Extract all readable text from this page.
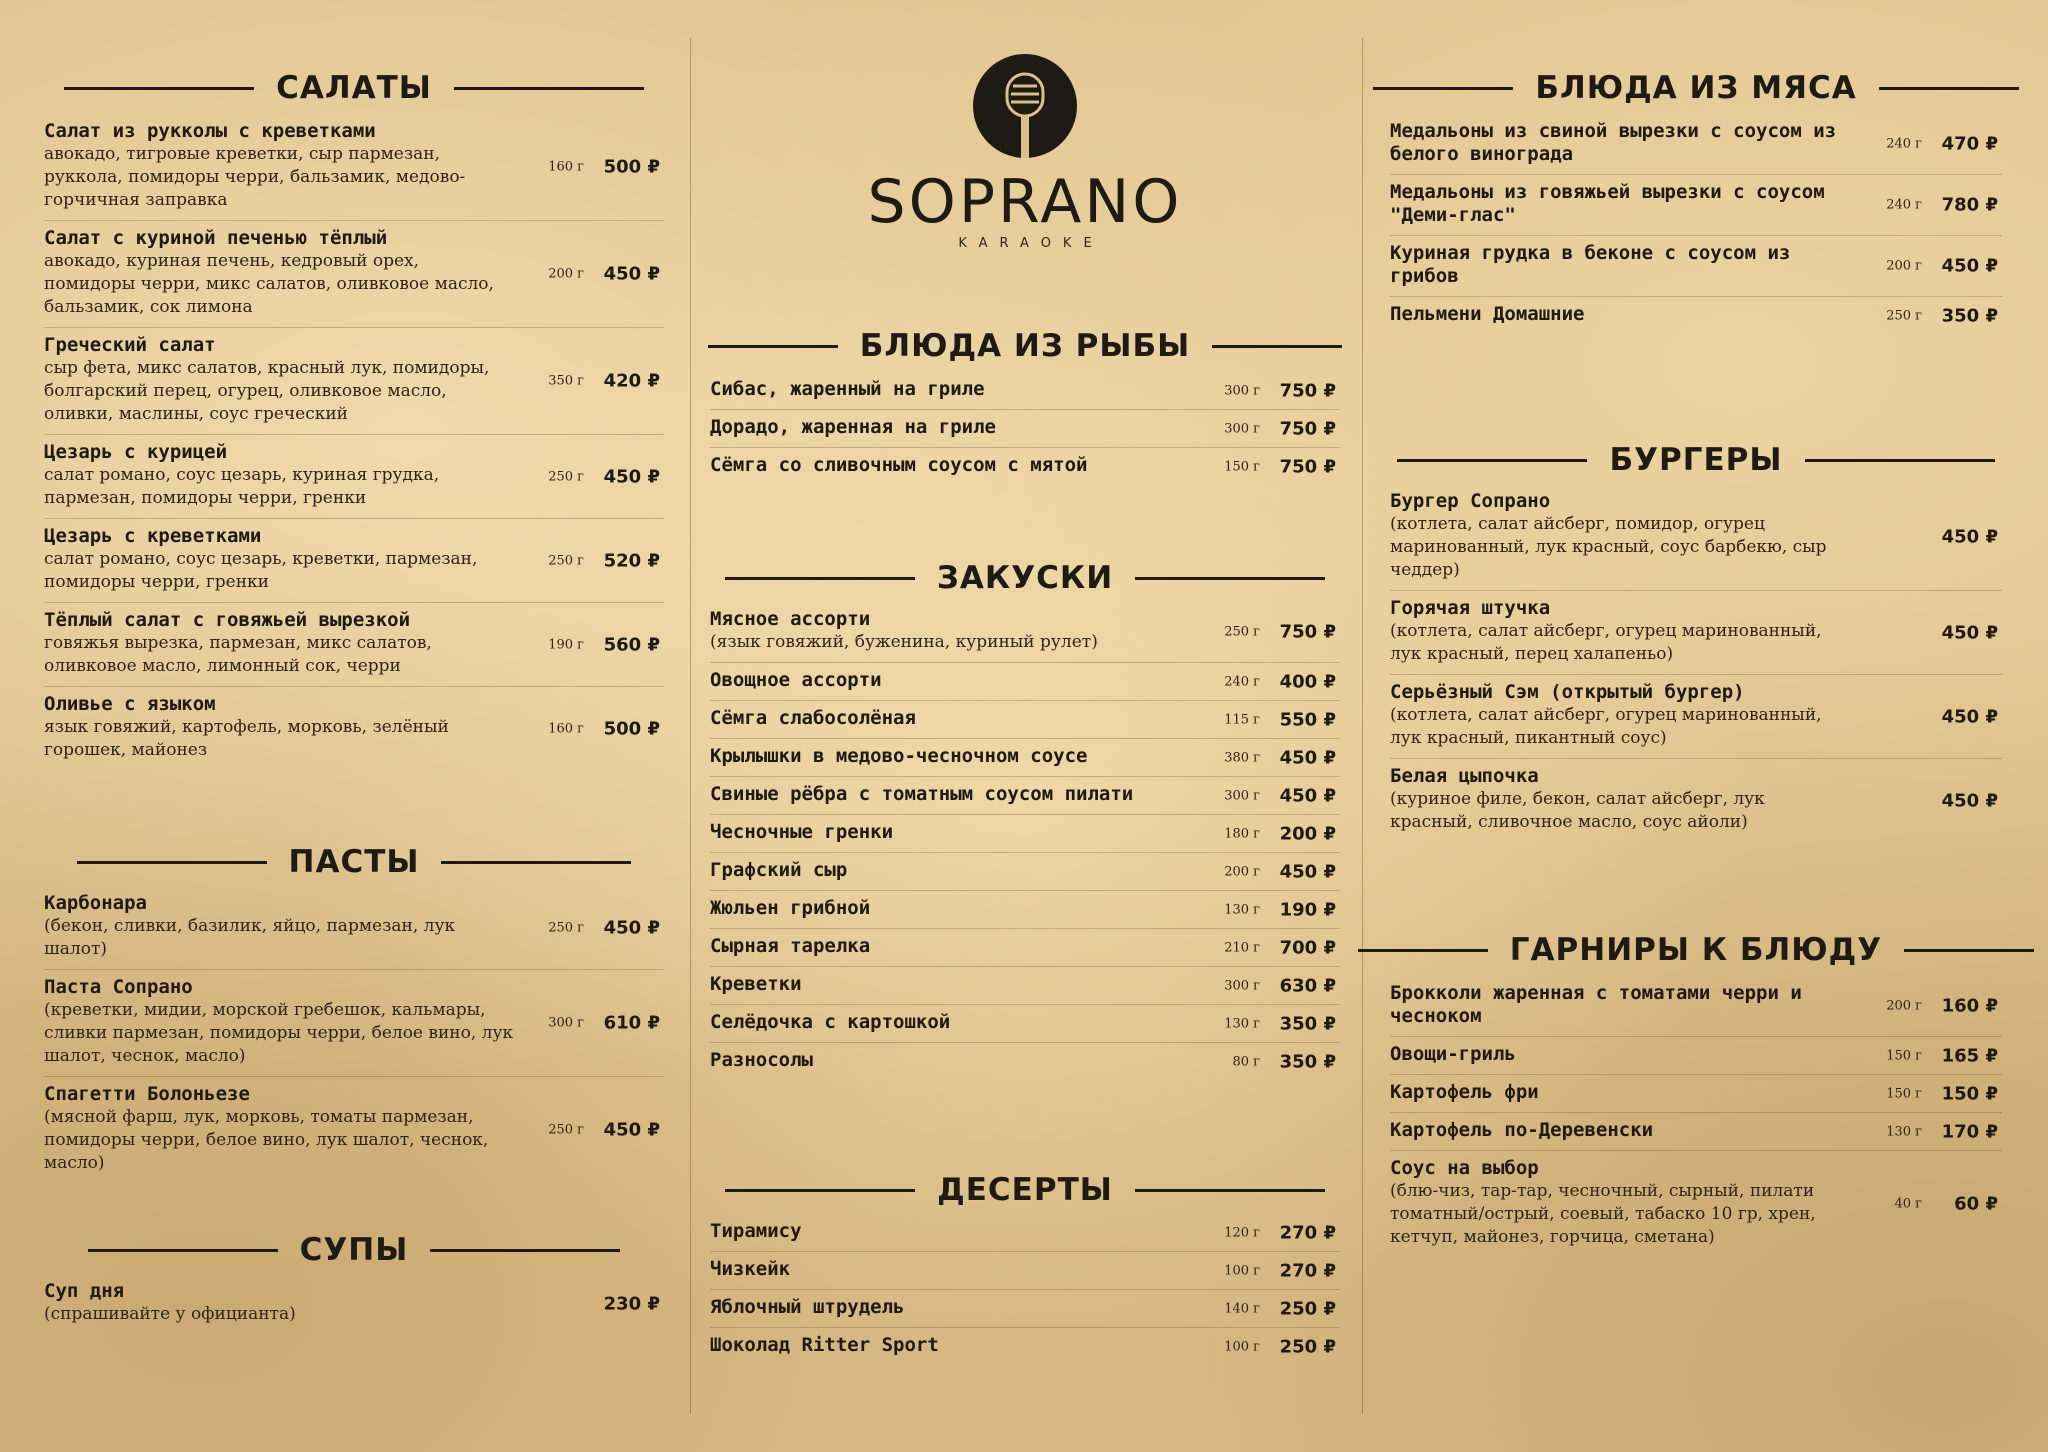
САЛАТЫ
Салат из рукколы с креветками
авокадо, тигровые креветки, сыр пармезан, руккола, помидоры черри, бальзамик, медово-горчичная заправка
160 г 500 ₽
Салат с куриной печенью тёплый
авокадо, куриная печень, кедровый орех, помидоры черри, микс салатов, оливковое масло, бальзамик, сок лимона
200 г 450 ₽
Греческий салат
сыр фета, микс салатов, красный лук, помидоры, болгарский перец, огурец, оливковое масло, оливки, маслины, соус греческий
350 г 420 ₽
Цезарь с курицей
салат романо, соус цезарь, куриная грудка, пармезан, помидоры черри, гренки
250 г 450 ₽
Цезарь с креветками
салат романо, соус цезарь, креветки, пармезан, помидоры черри, гренки
250 г 520 ₽
Тёплый салат с говяжьей вырезкой
говяжья вырезка, пармезан, микс салатов, оливковое масло, лимонный сок, черри
190 г 560 ₽
Оливье с языком
язык говяжий, картофель, морковь, зелёный горошек, майонез
160 г 500 ₽
ПАСТЫ
Карбонара
(бекон, сливки, базилик, яйцо, пармезан, лук шалот)
250 г 450 ₽
Паста Сопрано
(креветки, мидии, морской гребешок, кальмары, сливки пармезан, помидоры черри, белое вино, лук шалот, чеснок, масло)
300 г 610 ₽
Спагетти Болоньезе
(мясной фарш, лук, морковь, томаты пармезан, помидоры черри, белое вино, лук шалот, чеснок, масло)
250 г 450 ₽
СУПЫ
Суп дня
(спрашивайте у официанта)	230 ₽
SOPRANO
KARAOKE
БЛЮДА ИЗ РЫБЫ
Сибас, жаренный на гриле	300 г 750 ₽
Дорадо, жаренная на гриле	300 г 750 ₽
Сёмга со сливочным соусом с мятой	150 г 750 ₽
ЗАКУСКИ
Мясное ассорти
(язык говяжий, буженина, куриный рулет)	250 г 750 ₽
Овощное ассорти	240 г 400 ₽
Сёмга слабосолёная	115 г 550 ₽
Крылышки в медово-чесночном соусе	380 г 450 ₽
Свиные рёбра с томатным соусом пилати	300 г 450 ₽
Чесночные гренки	180 г 200 ₽
Графский сыр	200 г 450 ₽
Жюльен грибной	130 г 190 ₽
Сырная тарелка	210 г 700 ₽
Креветки	300 г 630 ₽
Селёдочка с картошкой	130 г 350 ₽
Разносолы	80 г 350 ₽
ДЕСЕРТЫ
Тирамису	120 г 270 ₽
Чизкейк	100 г 270 ₽
Яблочный штрудель	140 г 250 ₽
Шоколад Ritter Sport	100 г 250 ₽
БЛЮДА ИЗ МЯСА
Медальоны из свиной вырезки с соусом из белого винограда	240 г 470 ₽
Медальоны из говяжьей вырезки с соусом "Деми-глас"	240 г 780 ₽
Куриная грудка в беконе с соусом из грибов	200 г 450 ₽
Пельмени Домашние	250 г 350 ₽
БУРГЕРЫ
Бургер Сопрано
(котлета, салат айсберг, помидор, огурец маринованный, лук красный, соус барбекю, сыр чеддер)
450 ₽
Горячая штучка
(котлета, салат айсберг, огурец маринованный, лук красный, перец халапеньо)
450 ₽
Серьёзный Сэм (открытый бургер)
(котлета, салат айсберг, огурец маринованный, лук красный, пикантный соус)
450 ₽
Белая цыпочка
(куриное филе, бекон, салат айсберг, лук красный, сливочное масло, соус айоли)
450 ₽
ГАРНИРЫ К БЛЮДУ
Брокколи жаренная с томатами черри и чесноком	200 г 160 ₽
Овощи-гриль	150 г 165 ₽
Картофель фри	150 г 150 ₽
Картофель по-Деревенски	130 г 170 ₽
Соус на выбор
(блю-чиз, тар-тар, чесночный, сырный, пилати томатный/острый, соевый, табаско 10 гр, хрен, кетчуп, майонез, горчица, сметана)
40 г 60 ₽
